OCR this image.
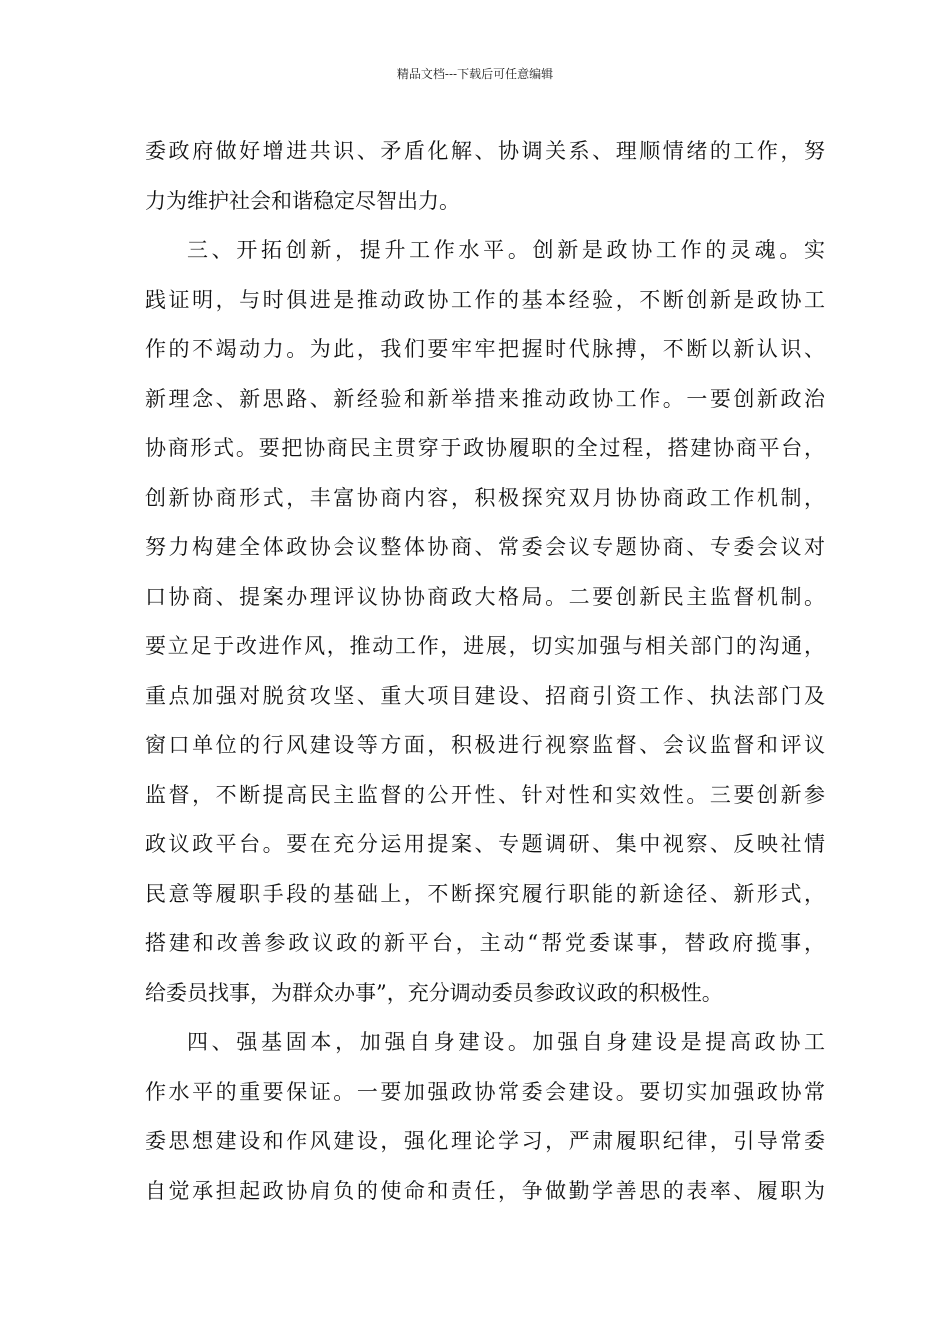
精品文档---下载后可任意编辑
委政府做好增进共识、矛盾化解、协调关系、理顺情绪的工作，努
力为维护社会和谐稳定尽智出力。
三、开拓创新，提升工作水平。创新是政协工作的灵魂。实
践证明，与时俱进是推动政协工作的基本经验，不断创新是政协工
作的不竭动力。为此，我们要牢牢把握时代脉搏，不断以新认识、
新理念、新思路、新经验和新举措来推动政协工作。一要创新政治
协商形式。要把协商民主贯穿于政协履职的全过程，搭建协商平台，
创新协商形式，丰富协商内容，积极探究双月协协商政工作机制，
努力构建全体政协会议整体协商、常委会议专题协商、专委会议对
口协商、提案办理评议协协商政大格局。二要创新民主监督机制。
要立足于改进作风，推动工作，进展，切实加强与相关部门的沟通，
重点加强对脱贫攻坚、重大项目建设、招商引资工作、执法部门及
窗口单位的行风建设等方面，积极进行视察监督、会议监督和评议
监督，不断提高民主监督的公开性、针对性和实效性。三要创新参
政议政平台。要在充分运用提案、专题调研、集中视察、反映社情
民意等履职手段的基础上，不断探究履行职能的新途径、新形式，
搭建和改善参政议政的新平台，主动“帮党委谋事，替政府揽事，
给委员找事，为群众办事”，充分调动委员参政议政的积极性。
四、强基固本，加强自身建设。加强自身建设是提高政协工
作水平的重要保证。一要加强政协常委会建设。要切实加强政协常
委思想建设和作风建设，强化理论学习，严肃履职纪律，引导常委
自觉承担起政协肩负的使命和责任，争做勤学善思的表率、履职为
